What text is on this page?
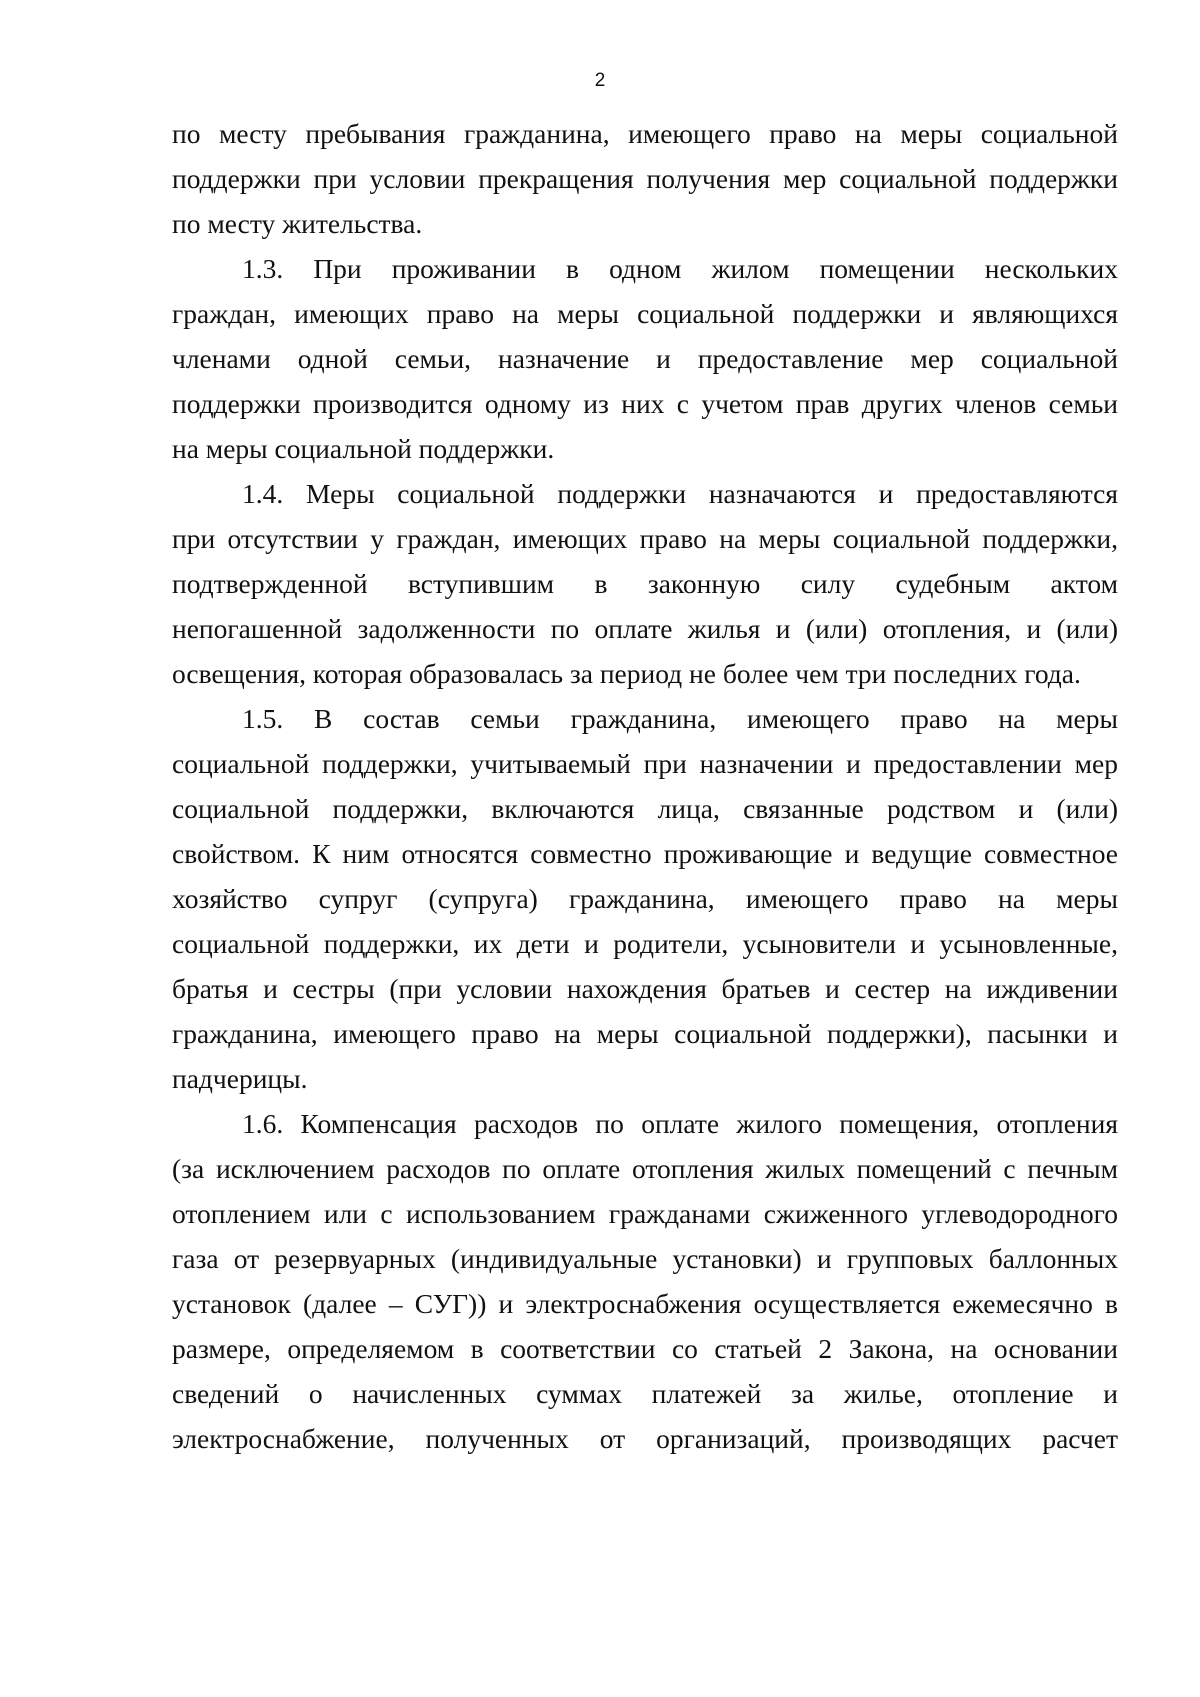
2
по месту пребывания гражданина, имеющего право на меры социальной
поддержки при условии прекращения получения мер социальной поддержки
по месту жительства.
1.3. При проживании в одном жилом помещении нескольких
граждан, имеющих право на меры социальной поддержки и являющихся
членами одной семьи, назначение и предоставление мер социальной
поддержки производится одному из них с учетом прав других членов семьи
на меры социальной поддержки.
1.4. Меры социальной поддержки назначаются и предоставляются
при отсутствии у граждан, имеющих право на меры социальной поддержки,
подтвержденной вступившим в законную силу судебным актом
непогашенной задолженности по оплате жилья и (или) отопления, и (или)
освещения, которая образовалась за период не более чем три последних года.
1.5. В состав семьи гражданина, имеющего право на меры
социальной поддержки, учитываемый при назначении и предоставлении мер
социальной поддержки, включаются лица, связанные родством и (или)
свойством. К ним относятся совместно проживающие и ведущие совместное
хозяйство супруг (супруга) гражданина, имеющего право на меры
социальной поддержки, их дети и родители, усыновители и усыновленные,
братья и сестры (при условии нахождения братьев и сестер на иждивении
гражданина, имеющего право на меры социальной поддержки), пасынки и
падчерицы.
1.6. Компенсация расходов по оплате жилого помещения, отопления
(за исключением расходов по оплате отопления жилых помещений с печным
отоплением или с использованием гражданами сжиженного углеводородного
газа от резервуарных (индивидуальные установки) и групповых баллонных
установок (далее – СУГ)) и электроснабжения осуществляется ежемесячно в
размере, определяемом в соответствии со статьей 2 Закона, на основании
сведений о начисленных суммах платежей за жилье, отопление и
электроснабжение, полученных от организаций, производящих расчет
